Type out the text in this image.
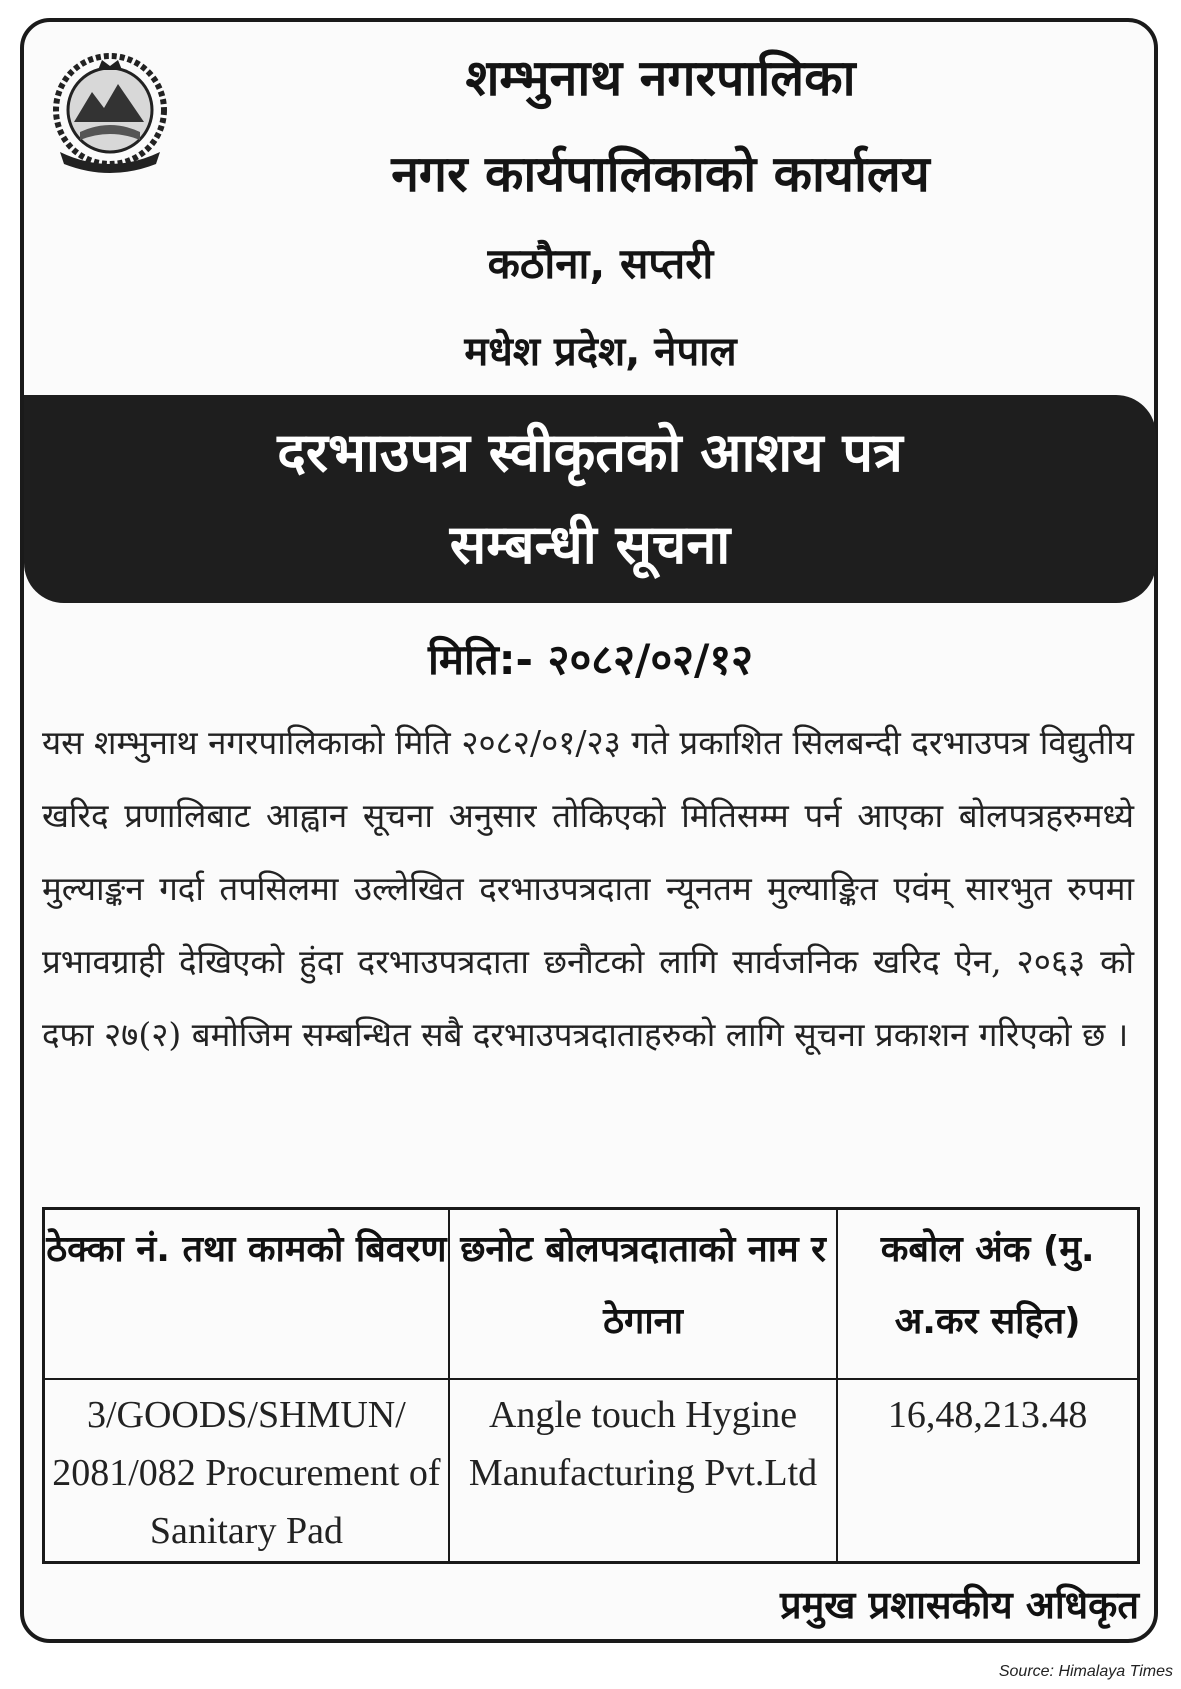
शम्भुनाथ नगरपालिका
नगर कार्यपालिकाको कार्यालय
कठौना, सप्तरी
मधेश प्रदेश, नेपाल
दरभाउपत्र स्वीकृतको आशय पत्र
सम्बन्धी सूचना
मिति:- २०८२/०२/१२
यस शम्भुनाथ नगरपालिकाको मिति २०८२/०१/२३ गते प्रकाशित सिलबन्दी दरभाउपत्र विद्युतीय खरिद प्रणालिबाट आह्वान सूचना अनुसार तोकिएको मितिसम्म पर्न आएका बोलपत्रहरुमध्ये मुल्याङ्कन गर्दा तपसिलमा उल्लेखित दरभाउपत्रदाता न्यूनतम मुल्याङ्कित एवंम् सारभुत रुपमा प्रभावग्राही देखिएको हुंदा दरभाउपत्रदाता छनौटको लागि सार्वजनिक खरिद ऐन, २०६३ को दफा २७(२) बमोजिम सम्बन्धित सबै दरभाउपत्रदाताहरुको लागि सूचना प्रकाशन गरिएको छ ।
ठेक्का नं. तथा कामको बिवरण	छनोट बोलपत्रदाताको नाम र ठेगाना	कबोल अंक (मु. अ.कर सहित)
3/GOODS/SHMUN/ 2081/082 Procurement of Sanitary Pad	Angle touch Hygine Manufacturing Pvt.Ltd	16,48,213.48
प्रमुख प्रशासकीय अधिकृत
Source: Himalaya Times
